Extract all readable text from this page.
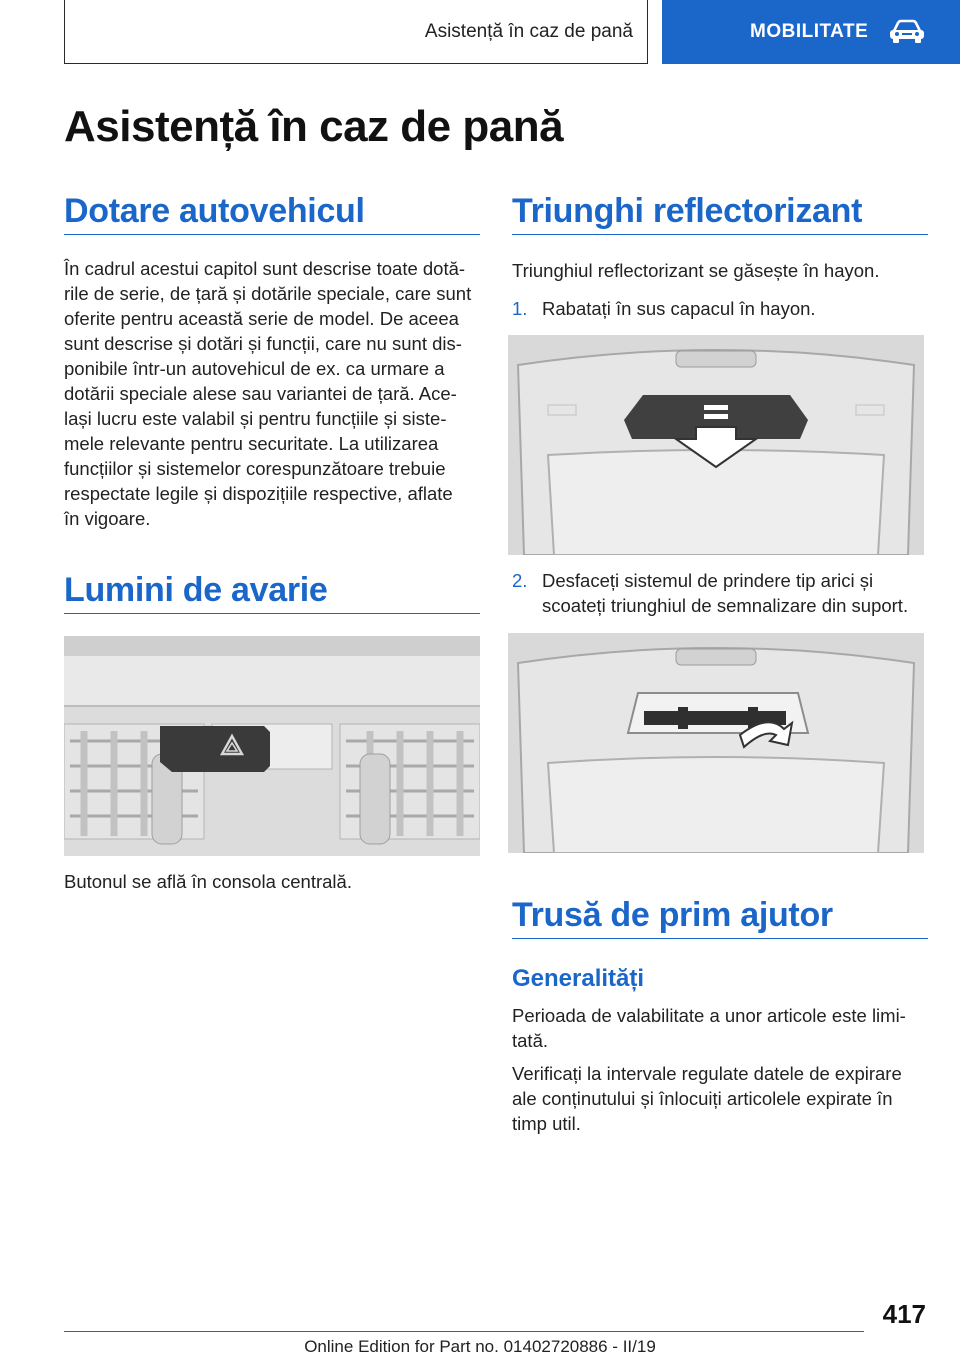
Asistență în caz de pană	MOBILITATE
Asistență în caz de pană
Dotare autovehicul
În cadrul acestui capitol sunt descrise toate dotă‐
rile de serie, de țară și dotările speciale, care sunt
oferite pentru această serie de model. De aceea
sunt descrise și dotări și funcții, care nu sunt dis‐
ponibile într-un autovehicul de ex. ca urmare a
dotării speciale alese sau variantei de țară. Ace‐
lași lucru este valabil și pentru funcțiile și siste‐
mele relevante pentru securitate. La utilizarea
funcțiilor și sistemelor corespunzătoare trebuie
respectate legile și dispozițiile respective, aflate
în vigoare.
Lumini de avarie
Butonul se află în consola centrală.
Triunghi reflectorizant
Triunghiul reflectorizant se găsește în hayon.
1. Rabatați în sus capacul în hayon.
2. Desfaceți sistemul de prindere tip arici și
scoateți triunghiul de semnalizare din suport.
Trusă de prim ajutor
Generalități
Perioada de valabilitate a unor articole este limi‐
tată.
Verificați la intervale regulate datele de expirare
ale conținutului și înlocuiți articolele expirate în
timp util.
417
Online Edition for Part no. 01402720886 - II/19
